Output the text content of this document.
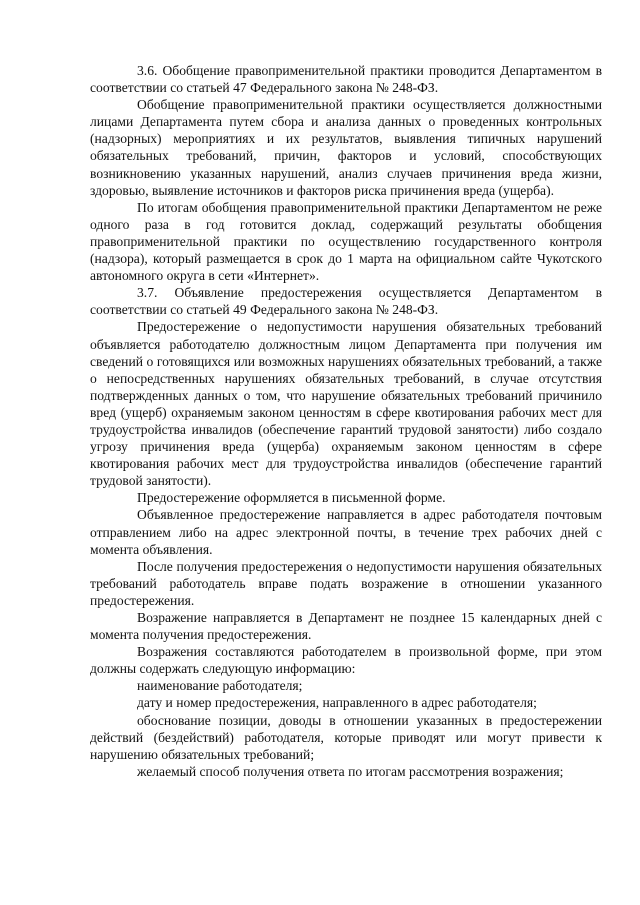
3.6. Обобщение правоприменительной практики проводится Департаментом в соответствии со статьей 47 Федерального закона № 248-ФЗ.

Обобщение правоприменительной практики осуществляется должностными лицами Департамента путем сбора и анализа данных о проведенных контрольных (надзорных) мероприятиях и их результатов, выявления типичных нарушений обязательных требований, причин, факторов и условий, способствующих возникновению указанных нарушений, анализ случаев причинения вреда жизни, здоровью, выявление источников и факторов риска причинения вреда (ущерба).

По итогам обобщения правоприменительной практики Департаментом не реже одного раза в год готовится доклад, содержащий результаты обобщения правоприменительной практики по осуществлению государственного контроля (надзора), который размещается в срок до 1 марта на официальном сайте Чукотского автономного округа в сети «Интернет».

3.7. Объявление предостережения осуществляется Департаментом в соответствии со статьей 49 Федерального закона № 248-ФЗ.

Предостережение о недопустимости нарушения обязательных требований объявляется работодателю должностным лицом Департамента при получения им сведений о готовящихся или возможных нарушениях обязательных требований, а также о непосредственных нарушениях обязательных требований, в случае отсутствия подтвержденных данных о том, что нарушение обязательных требований причинило вред (ущерб) охраняемым законом ценностям в сфере квотирования рабочих мест для трудоустройства инвалидов (обеспечение гарантий трудовой занятости) либо создало угрозу причинения вреда (ущерба) охраняемым законом ценностям в сфере квотирования рабочих мест для трудоустройства инвалидов (обеспечение гарантий трудовой занятости).

Предостережение оформляется в письменной форме.

Объявленное предостережение направляется в адрес работодателя почтовым отправлением либо на адрес электронной почты, в течение трех рабочих дней с момента объявления.

После получения предостережения о недопустимости нарушения обязательных требований работодатель вправе подать возражение в отношении указанного предостережения.

Возражение направляется в Департамент не позднее 15 календарных дней с момента получения предостережения.

Возражения составляются работодателем в произвольной форме, при этом должны содержать следующую информацию:

наименование работодателя;

дату и номер предостережения, направленного в адрес работодателя;

обоснование позиции, доводы в отношении указанных в предостережении действий (бездействий) работодателя, которые приводят или могут привести к нарушению обязательных требований;

желаемый способ получения ответа по итогам рассмотрения возражения;
